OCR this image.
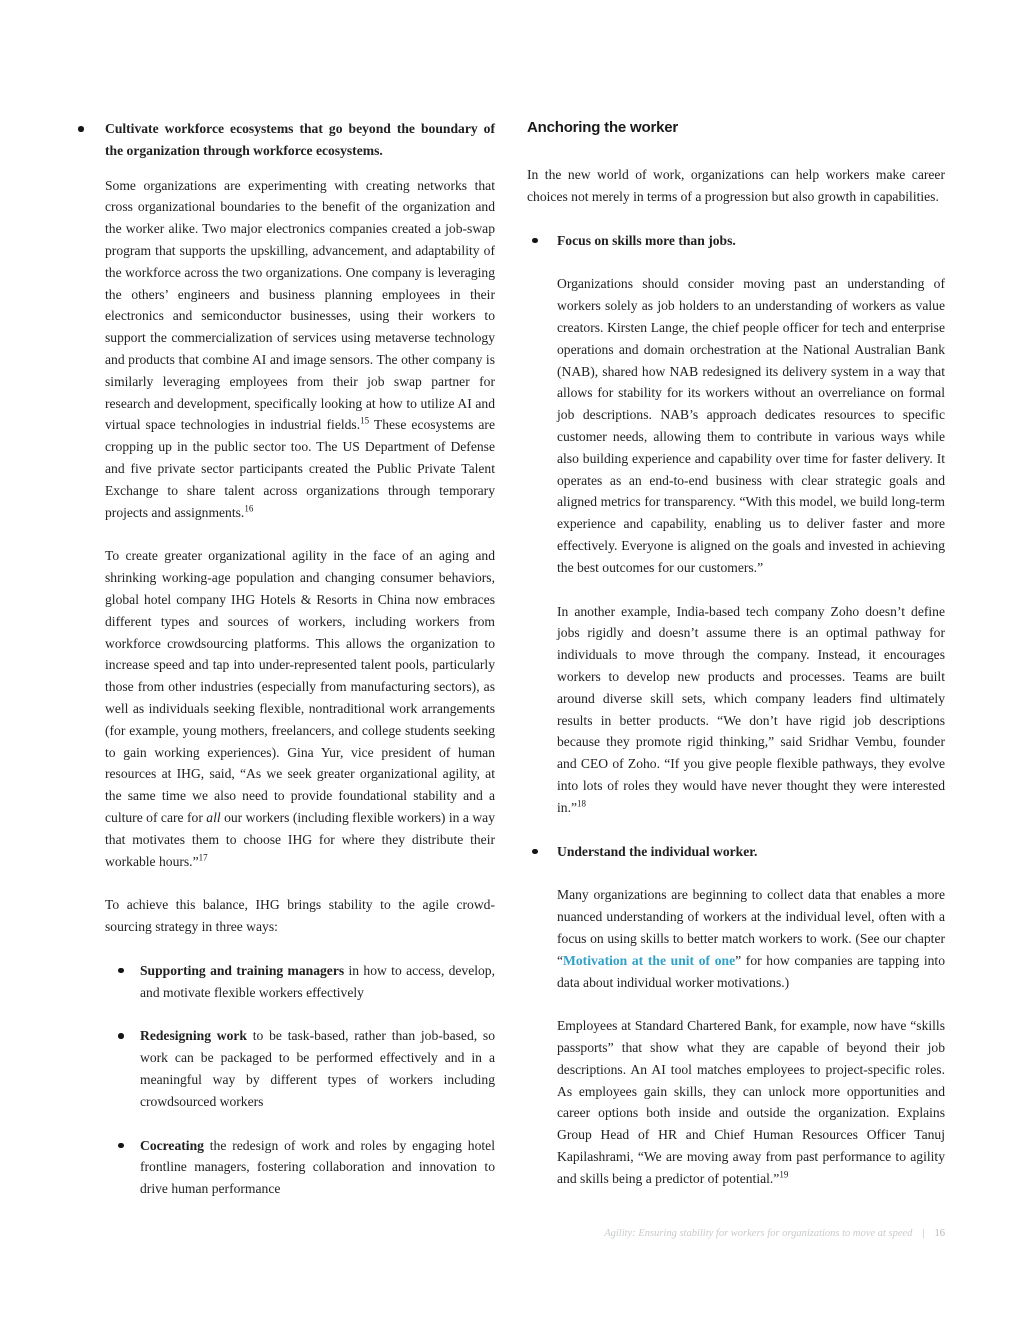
Cultivate workforce ecosystems that go beyond the boundary of the organization through workforce ecosystems.

Some organizations are experimenting with creating networks that cross organizational boundaries to the benefit of the organization and the worker alike. Two major electronics companies created a job-swap program that supports the upskilling, advancement, and adaptability of the workforce across the two organizations. One company is leveraging the others’ engineers and business planning employees in their electronics and semiconductor businesses, using their workers to support the commercialization of services using metaverse technology and products that combine AI and image sensors. The other company is similarly leveraging employees from their job swap partner for research and development, specifically looking at how to utilize AI and virtual space technologies in industrial fields.$^{15}$ These ecosystems are cropping up in the public sector too. The US Department of Defense and five private sector participants created the Public Private Talent Exchange to share talent across organizations through temporary projects and assignments.$^{16}$

To create greater organizational agility in the face of an aging and shrinking working-age population and changing consumer behaviors, global hotel company IHG Hotels & Resorts in China now embraces different types and sources of workers, including workers from workforce crowdsourcing platforms. This allows the organization to increase speed and tap into under-represented talent pools, particularly those from other industries (especially from manufacturing sectors), as well as individuals seeking flexible, nontraditional work arrangements (for example, young mothers, freelancers, and college students seeking to gain working experiences). Gina Yur, vice president of human resources at IHG, said, “As we seek greater organizational agility, at the same time we also need to provide foundational stability and a culture of care for all our workers (including flexible workers) in a way that motivates them to choose IHG for where they distribute their workable hours.”$^{17}$

To achieve this balance, IHG brings stability to the agile crowd-sourcing strategy in three ways:

Supporting and training managers in how to access, develop, and motivate flexible workers effectively

Redesigning work to be task-based, rather than job-based, so work can be packaged to be performed effectively and in a meaningful way by different types of workers including crowdsourced workers

Cocreating the redesign of work and roles by engaging hotel frontline managers, fostering collaboration and innovation to drive human performance

Anchoring the worker

In the new world of work, organizations can help workers make career choices not merely in terms of a progression but also growth in capabilities.

Focus on skills more than jobs.

Organizations should consider moving past an understanding of workers solely as job holders to an understanding of workers as value creators. Kirsten Lange, the chief people officer for tech and enterprise operations and domain orchestration at the National Australian Bank (NAB), shared how NAB redesigned its delivery system in a way that allows for stability for its workers without an overreliance on formal job descriptions. NAB’s approach dedicates resources to specific customer needs, allowing them to contribute in various ways while also building experience and capability over time for faster delivery. It operates as an end-to-end business with clear strategic goals and aligned metrics for transparency. “With this model, we build long-term experience and capability, enabling us to deliver faster and more effectively. Everyone is aligned on the goals and invested in achieving the best outcomes for our customers.”

In another example, India-based tech company Zoho doesn’t define jobs rigidly and doesn’t assume there is an optimal pathway for individuals to move through the company. Instead, it encourages workers to develop new products and processes. Teams are built around diverse skill sets, which company leaders find ultimately results in better products. “We don’t have rigid job descriptions because they promote rigid thinking,” said Sridhar Vembu, founder and CEO of Zoho. “If you give people flexible pathways, they evolve into lots of roles they would have never thought they were interested in.”$^{18}$

Understand the individual worker.

Many organizations are beginning to collect data that enables a more nuanced understanding of workers at the individual level, often with a focus on using skills to better match workers to work. (See our chapter “Motivation at the unit of one” for how companies are tapping into data about individual worker motivations.)

Employees at Standard Chartered Bank, for example, now have “skills passports” that show what they are capable of beyond their job descriptions. An AI tool matches employees to project-specific roles. As employees gain skills, they can unlock more opportunities and career options both inside and outside the organization. Explains Group Head of HR and Chief Human Resources Officer Tanuj Kapilashrami, “We are moving away from past performance to agility and skills being a predictor of potential.”$^{19}$

Agility: Ensuring stability for workers for organizations to move at speed | 16
